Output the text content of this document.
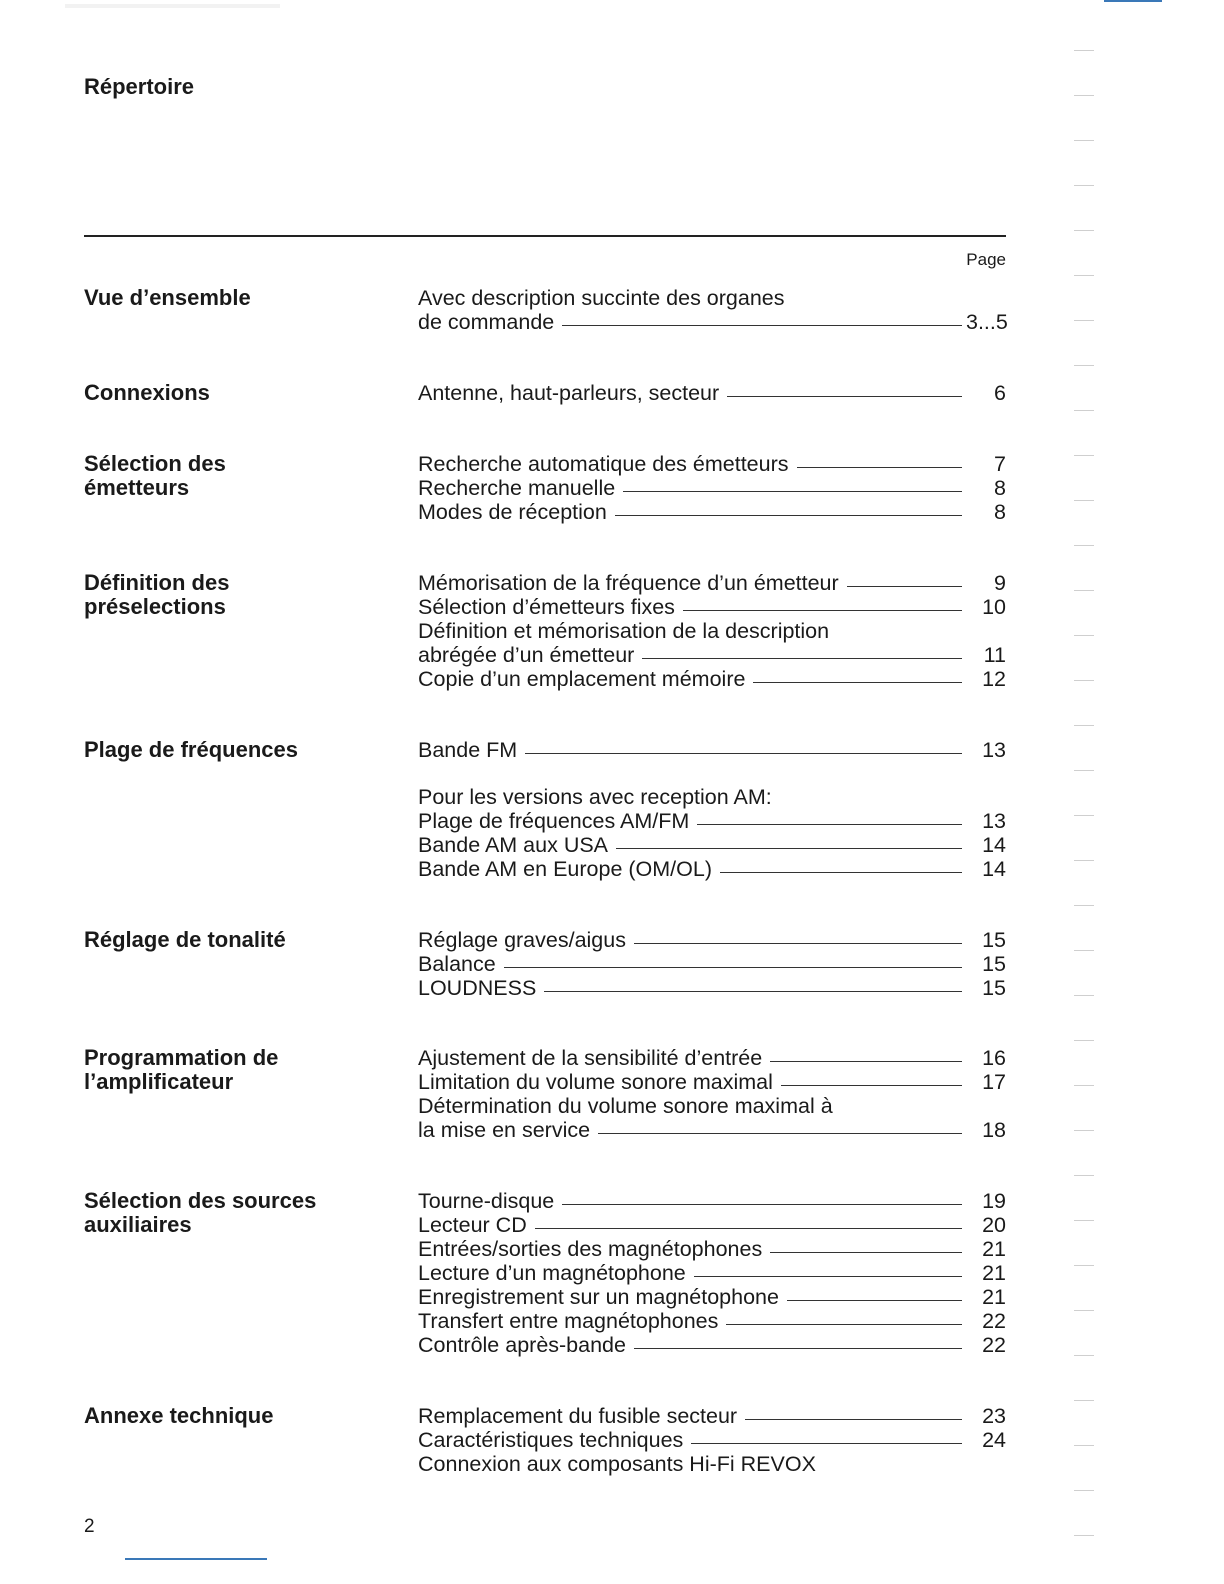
Répertoire
Page
Vue d’ensemble	Avec description succinte des organes
de commande	3...5
Connexions	Antenne, haut-parleurs, secteur	6
Sélection des
émetteurs
Recherche automatique des émetteurs	7
Recherche manuelle	8
Modes de réception	8
Définition des
préselections
Mémorisation de la fréquence d’un émetteur	9
Sélection d’émetteurs fixes	10
Définition et mémorisation de la description
abrégée d’un émetteur	11
Copie d’un emplacement mémoire	12
Plage de fréquences	Bande FM	13
Pour les versions avec reception AM:
Plage de fréquences AM/FM	13
Bande AM aux USA	14
Bande AM en Europe (OM/OL)	14
Réglage de tonalité	Réglage graves/aigus	15
Balance	15
LOUDNESS	15
Programmation de
l’amplificateur
Ajustement de la sensibilité d’entrée	16
Limitation du volume sonore maximal	17
Détermination du volume sonore maximal à
la mise en service	18
Sélection des sources
auxiliaires
Tourne-disque	19
Lecteur CD	20
Entrées/sorties des magnétophones	21
Lecture d’un magnétophone	21
Enregistrement sur un magnétophone	21
Transfert entre magnétophones	22
Contrôle après-bande	22
Annexe technique	Remplacement du fusible secteur	23
Caractéristiques techniques	24
Connexion aux composants Hi-Fi REVOX
2
